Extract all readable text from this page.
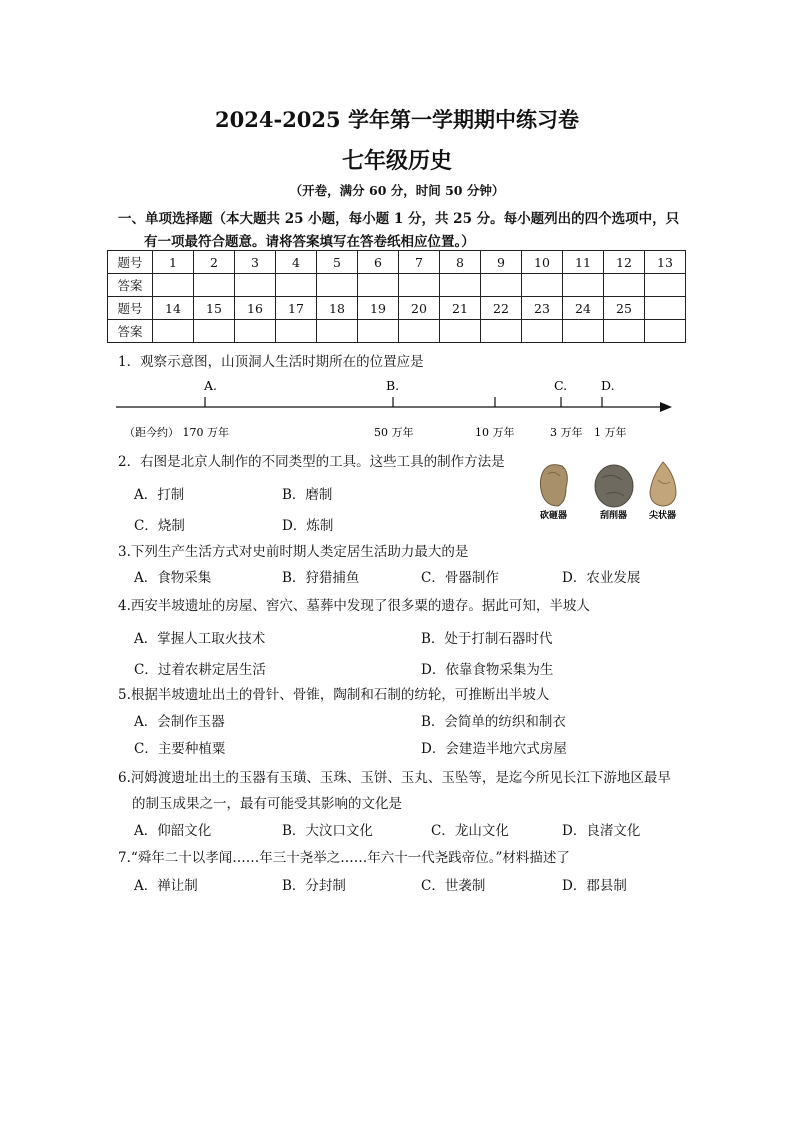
2024-2025 学年第一学期期中练习卷
七年级历史
（开卷，满分 60 分，时间 50 分钟）
一、单项选择题（本大题共 25 小题，每小题 1 分，共 25 分。每小题列出的四个选项中，只
有一项最符合题意。请将答案填写在答卷纸相应位置。）
题号	1	2	3	4	5	6	7	8	9	10	11	12	13
答案													
题号	14	15	16	17	18	19	20	21	22	23	24	25	
答案													
1．观察示意图，山顶洞人生活时期所在的位置应是
A.	B.	C.	D.
（距今约） 170 万年	50 万年	10 万年	3 万年 1 万年
2．右图是北京人制作的不同类型的工具。这些工具的制作方法是
A．打制	B．磨制
C．烧制	D．炼制
砍砸器	刮削器 尖状器
3.下列生产生活方式对史前时期人类定居生活助力最大的是
A．食物采集	B．狩猎捕鱼	C．骨器制作	D．农业发展
4.西安半坡遗址的房屋、窖穴、墓葬中发现了很多粟的遗存。据此可知，半坡人
A．掌握人工取火技术	B．处于打制石器时代
C．过着农耕定居生活	D．依靠食物采集为生
5.根据半坡遗址出土的骨针、骨锥，陶制和石制的纺轮，可推断出半坡人
A．会制作玉器	B．会简单的纺织和制衣
C．主要种植粟	D．会建造半地穴式房屋
6.河姆渡遗址出土的玉器有玉璜、玉珠、玉饼、玉丸、玉坠等，是迄今所见长江下游地区最早
的制玉成果之一，最有可能受其影响的文化是
A．仰韶文化	B．大汶口文化	C．龙山文化	D．良渚文化
7.“舜年二十以孝闻……年三十尧举之……年六十一代尧践帝位。”材料描述了
A．禅让制	B．分封制	C．世袭制	D．郡县制
